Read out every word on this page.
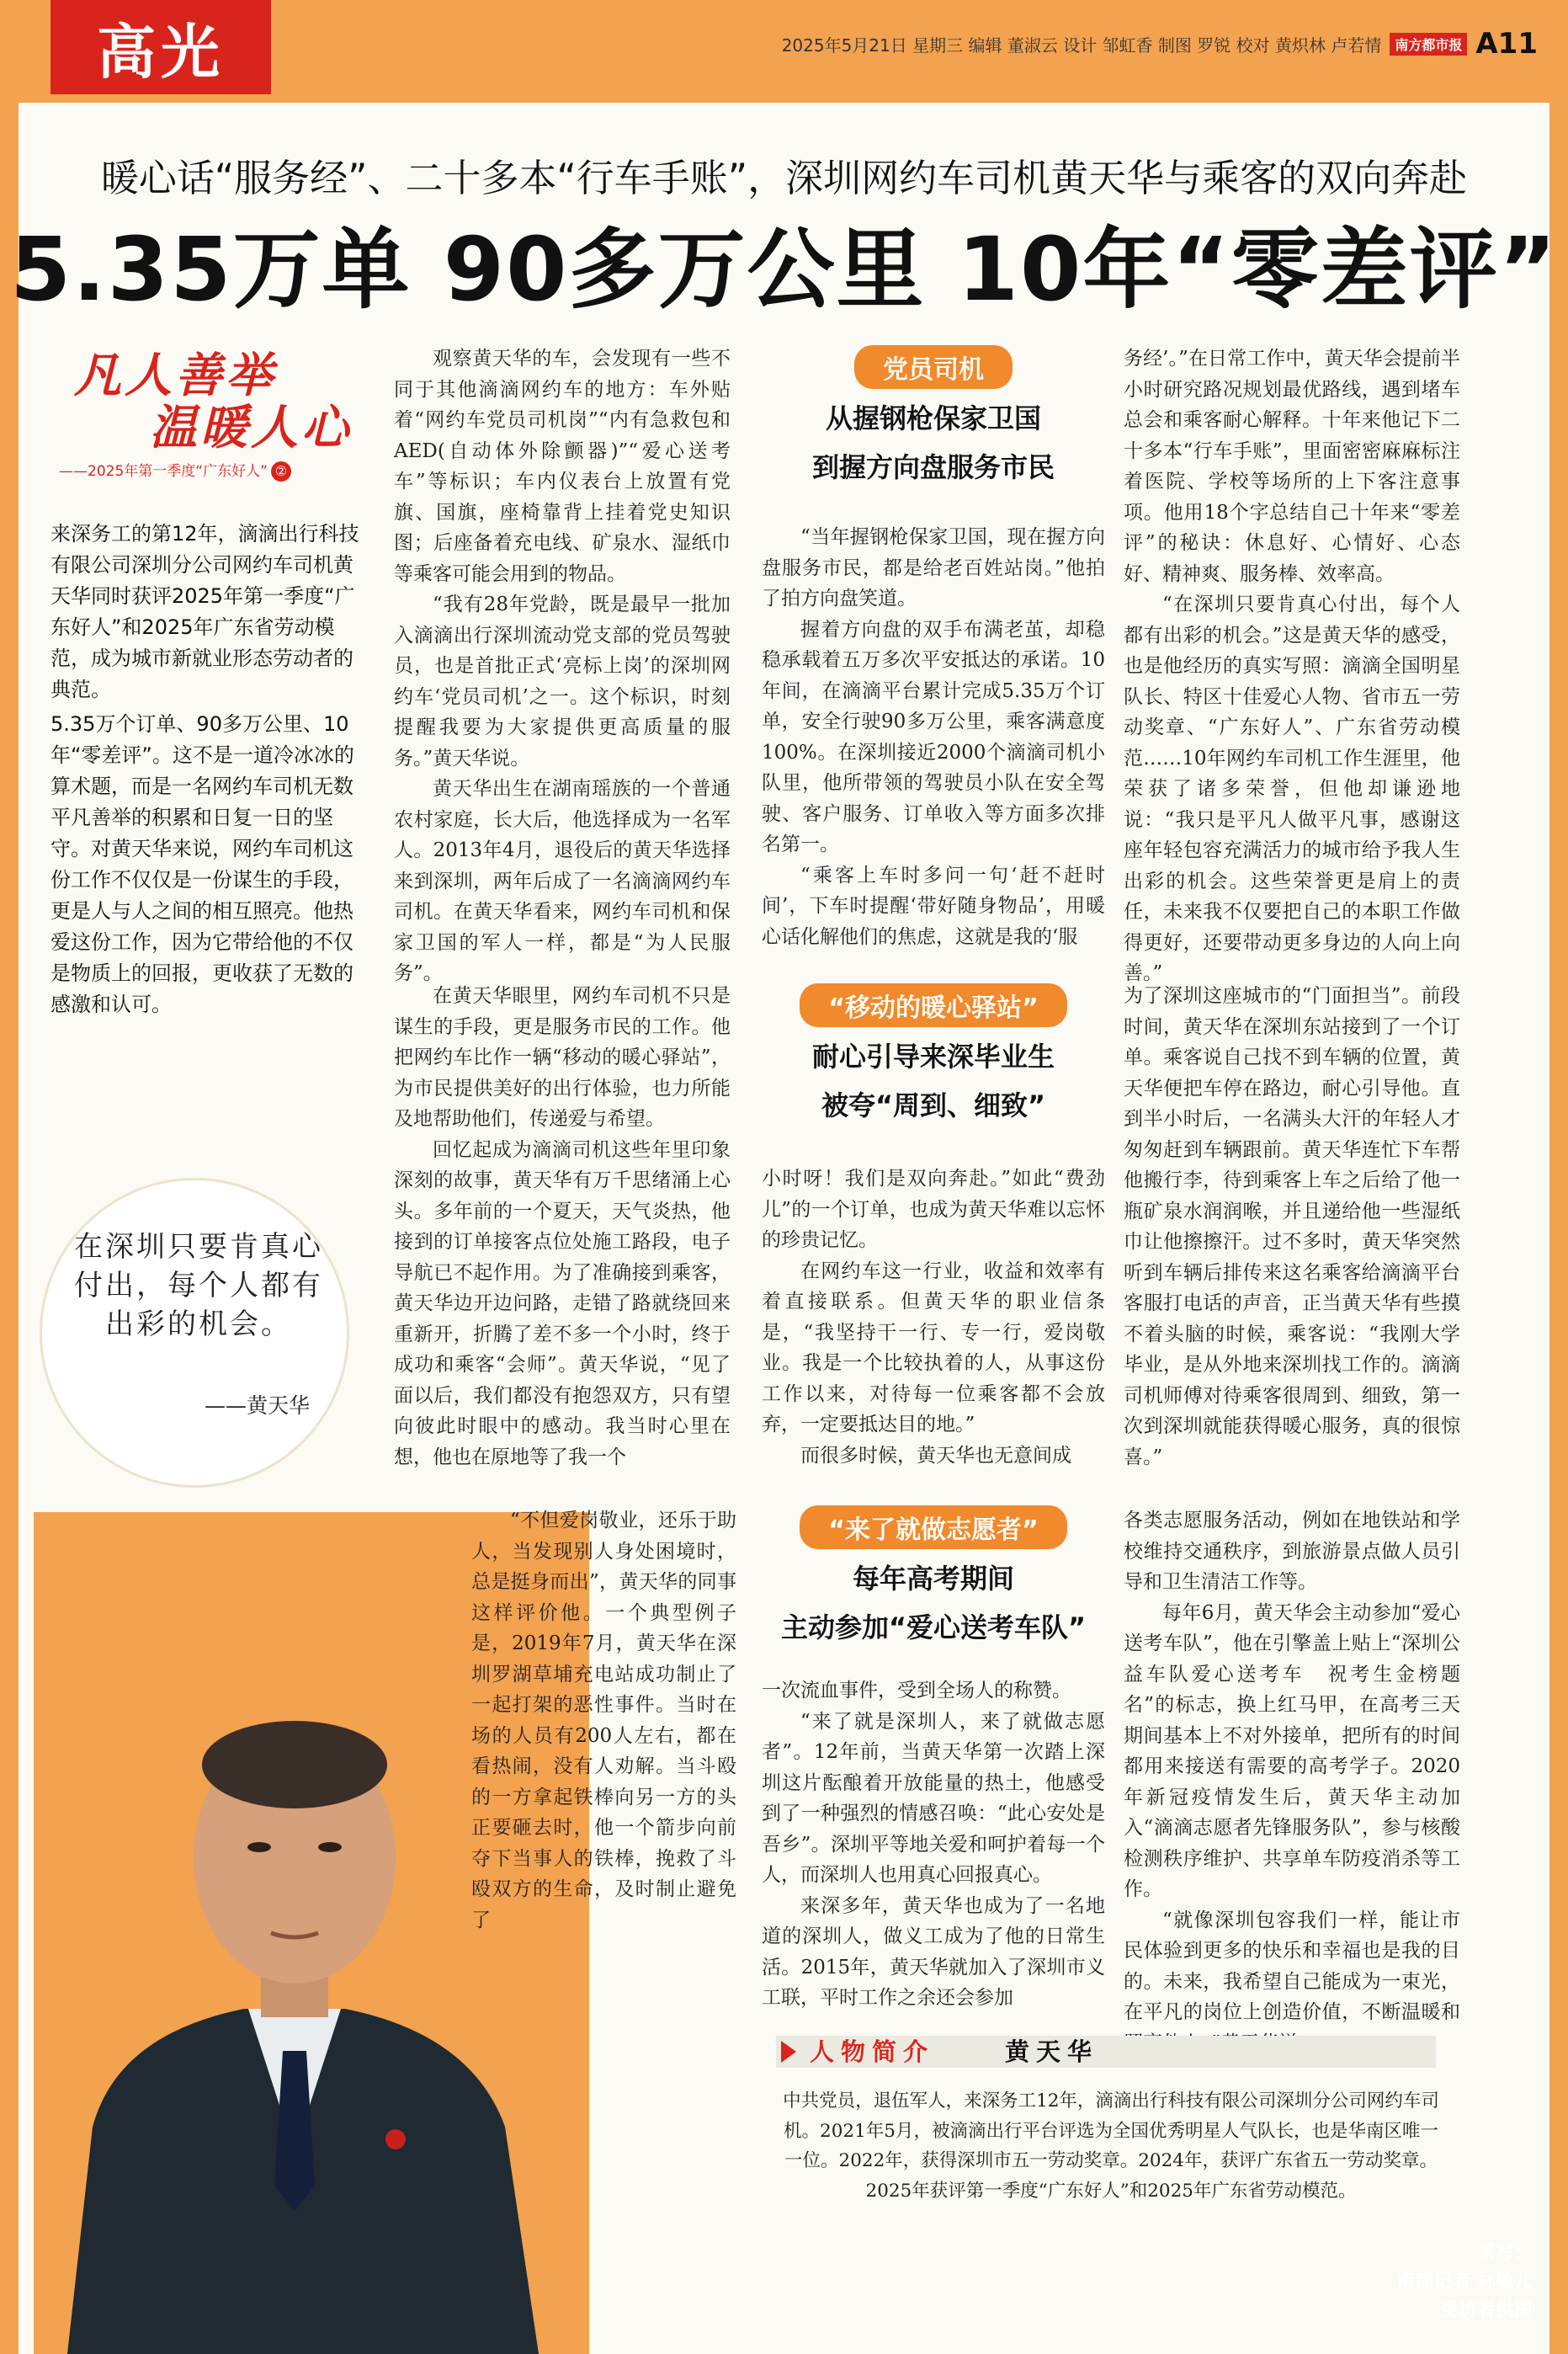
高光	2025年5月21日 星期三 编辑 董淑云 设计 邹虹香 制图 罗锐 校对 黄炽林 卢若情	南方都市报 A11
暖心话“服务经”、二十多本“行车手账”，深圳网约车司机黄天华与乘客的双向奔赴
5.35万单 90多万公里 10年“零差评”
凡人善举
温暖人心
——2025年第一季度“广东好人” ②

来深务工的第12年，滴滴出行科技有限公司深圳分公司网约车司机黄天华同时获评2025年第一季度“广东好人”和2025年广东省劳动模范，成为城市新就业形态劳动者的典范。

5.35万个订单、90多万公里、10年“零差评”。这不是一道冷冰冰的算术题，而是一名网约车司机无数平凡善举的积累和日复一日的坚守。对黄天华来说，网约车司机这份工作不仅仅是一份谋生的手段，更是人与人之间的相互照亮。他热爱这份工作，因为它带给他的不仅是物质上的回报，更收获了无数的感激和认可。

在深圳只要肯真心付出，每个人都有出彩的机会。
——黄天华

观察黄天华的车，会发现有一些不同于其他滴滴网约车的地方：车外贴着“网约车党员司机岗”“内有急救包和AED(自动体外除颤器)”“爱心送考车”等标识；车内仪表台上放置有党旗、国旗，座椅靠背上挂着党史知识图；后座备着充电线、矿泉水、湿纸巾等乘客可能会用到的物品。

“我有28年党龄，既是最早一批加入滴滴出行深圳流动党支部的党员驾驶员，也是首批正式‘亮标上岗’的深圳网约车‘党员司机’之一。这个标识，时刻提醒我要为大家提供更高质量的服务。”黄天华说。

黄天华出生在湖南瑶族的一个普通农村家庭，长大后，他选择成为一名军人。2013年4月，退役后的黄天华选择来到深圳，两年后成了一名滴滴网约车司机。在黄天华看来，网约车司机和保家卫国的军人一样，都是“为人民服务”。

党员司机
从握钢枪保家卫国
到握方向盘服务市民

“当年握钢枪保家卫国，现在握方向盘服务市民，都是给老百姓站岗。”他拍了拍方向盘笑道。

握着方向盘的双手布满老茧，却稳稳承载着五万多次平安抵达的承诺。10年间，在滴滴平台累计完成5.35万个订单，安全行驶90多万公里，乘客满意度100%。在深圳接近2000个滴滴司机小队里，他所带领的驾驶员小队在安全驾驶、客户服务、订单收入等方面多次排名第一。

“乘客上车时多问一句‘赶不赶时间’，下车时提醒‘带好随身物品’，用暖心话化解他们的焦虑，这就是我的‘服

务经’。”在日常工作中，黄天华会提前半小时研究路况规划最优路线，遇到堵车总会和乘客耐心解释。十年来他记下二十多本“行车手账”，里面密密麻麻标注着医院、学校等场所的上下客注意事项。他用18个字总结自己十年来“零差评”的秘诀：休息好、心情好、心态好、精神爽、服务棒、效率高。

“在深圳只要肯真心付出，每个人都有出彩的机会。”这是黄天华的感受，也是他经历的真实写照：滴滴全国明星队长、特区十佳爱心人物、省市五一劳动奖章、“广东好人”、广东省劳动模范……10年网约车司机工作生涯里，他荣获了诸多荣誉，但他却谦逊地说：“我只是平凡人做平凡事，感谢这座年轻包容充满活力的城市给予我人生出彩的机会。这些荣誉更是肩上的责任，未来我不仅要把自己的本职工作做得更好，还要带动更多身边的人向上向善。”

在黄天华眼里，网约车司机不只是谋生的手段，更是服务市民的工作。他把网约车比作一辆“移动的暖心驿站”，为市民提供美好的出行体验，也力所能及地帮助他们，传递爱与希望。

回忆起成为滴滴司机这些年里印象深刻的故事，黄天华有万千思绪涌上心头。多年前的一个夏天，天气炎热，他接到的订单接客点位处施工路段，电子导航已不起作用。为了准确接到乘客，黄天华边开边问路，走错了路就绕回来重新开，折腾了差不多一个小时，终于成功和乘客“会师”。黄天华说，“见了面以后，我们都没有抱怨双方，只有望向彼此时眼中的感动。我当时心里在想，他也在原地等了我一个

“移动的暖心驿站”
耐心引导来深毕业生
被夸“周到、细致”

小时呀！我们是双向奔赴。”如此“费劲儿”的一个订单，也成为黄天华难以忘怀的珍贵记忆。

在网约车这一行业，收益和效率有着直接联系。但黄天华的职业信条是，“我坚持干一行、专一行，爱岗敬业。我是一个比较执着的人，从事这份工作以来，对待每一位乘客都不会放弃，一定要抵达目的地。”

而很多时候，黄天华也无意间成

为了深圳这座城市的“门面担当”。前段时间，黄天华在深圳东站接到了一个订单。乘客说自己找不到车辆的位置，黄天华便把车停在路边，耐心引导他。直到半小时后，一名满头大汗的年轻人才匆匆赶到车辆跟前。黄天华连忙下车帮他搬行李，待到乘客上车之后给了他一瓶矿泉水润润喉，并且递给他一些湿纸巾让他擦擦汗。过不多时，黄天华突然听到车辆后排传来这名乘客给滴滴平台客服打电话的声音，正当黄天华有些摸不着头脑的时候，乘客说：“我刚大学毕业，是从外地来深圳找工作的。滴滴司机师傅对待乘客很周到、细致，第一次到深圳就能获得暖心服务，真的很惊喜。”

“不但爱岗敬业，还乐于助人，当发现别人身处困境时，总是挺身而出”，黄天华的同事这样评价他。一个典型例子是，2019年7月，黄天华在深圳罗湖草埔充电站成功制止了一起打架的恶性事件。当时在场的人员有200人左右，都在看热闹，没有人劝解。当斗殴的一方拿起铁棒向另一方的头正要砸去时，他一个箭步向前夺下当事人的铁棒，挽救了斗殴双方的生命，及时制止避免了

“来了就做志愿者”
每年高考期间
主动参加“爱心送考车队”

一次流血事件，受到全场人的称赞。

“来了就是深圳人，来了就做志愿者”。12年前，当黄天华第一次踏上深圳这片酝酿着开放能量的热土，他感受到了一种强烈的情感召唤：“此心安处是吾乡”。深圳平等地关爱和呵护着每一个人，而深圳人也用真心回报真心。

来深多年，黄天华也成为了一名地道的深圳人，做义工成为了他的日常生活。2015年，黄天华就加入了深圳市义工联，平时工作之余还会参加

各类志愿服务活动，例如在地铁站和学校维持交通秩序，到旅游景点做人员引导和卫生清洁工作等。

每年6月，黄天华会主动参加“爱心送考车队”，他在引擎盖上贴上“深圳公益车队爱心送考车　祝考生金榜题名”的标志，换上红马甲，在高考三天期间基本上不对外接单，把所有的时间都用来接送有需要的高考学子。2020年新冠疫情发生后，黄天华主动加入“滴滴志愿者先锋服务队”，参与核酸检测秩序维护、共享单车防疫消杀等工作。

“就像深圳包容我们一样，能让市民体验到更多的快乐和幸福也是我的目的。未来，我希望自己能成为一束光，在平凡的岗位上创造价值，不断温暖和

人物简介	黄天华
中共党员，退伍军人，来深务工12年，滴滴出行科技有限公司深圳分公司网约车司机。2021年5月，被滴滴出行平台评选为全国优秀明星人气队长，也是华南区唯一一位。2022年，获得深圳市五一劳动奖章。2024年，获评广东省五一劳动奖章。2025年获评第一季度“广东好人”和2025年广东省劳动模范。
采写：
南都记者 林敏儿
受访者供图
